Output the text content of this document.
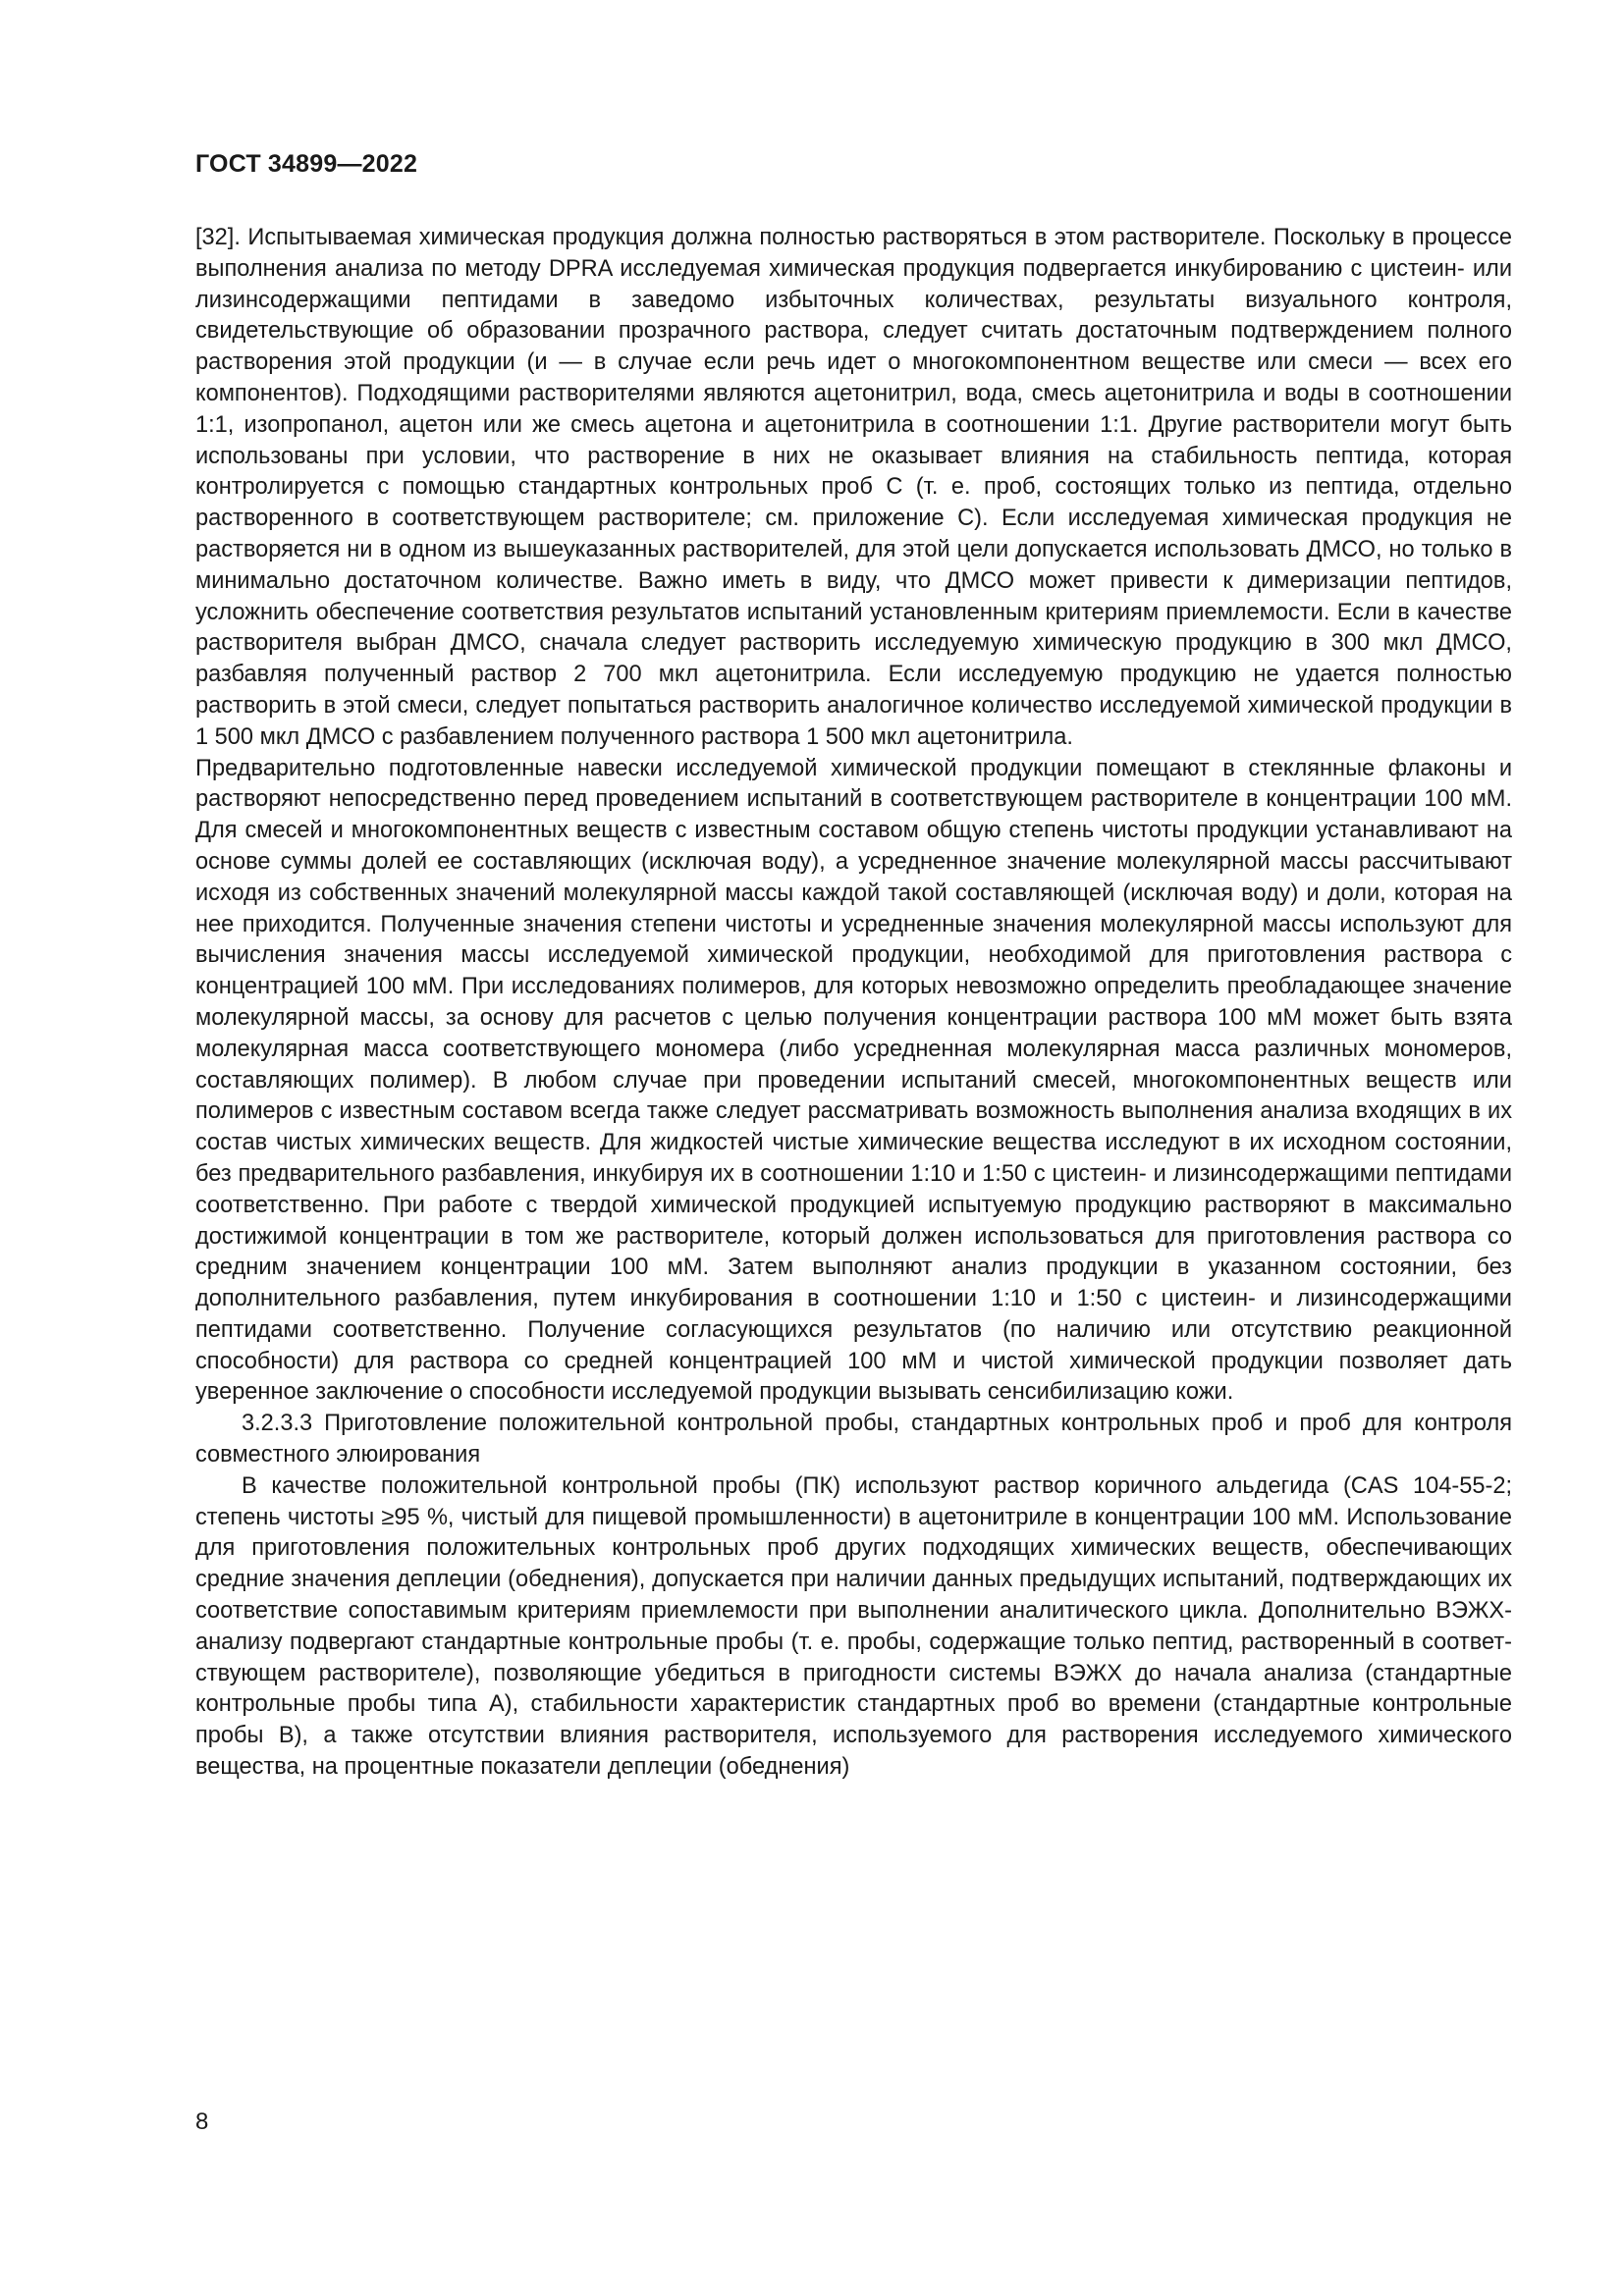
ГОСТ 34899—2022

[32]. Испытываемая химическая продукция должна полностью растворяться в этом растворителе. Поскольку в процессе выполнения анализа по методу DPRA исследуемая химическая продукция подвергается инкубированию с цистеин- или лизинсодержащими пептидами в заведомо избыточных количествах, результаты визуального контроля, свидетельствующие об образовании прозрачного раствора, следует считать достаточным подтверждением полного растворения этой продукции (и — в случае если речь идет о многокомпонентном веществе или смеси — всех его компонентов). Подходящими растворителями являются ацетонитрил, вода, смесь ацетонитрила и воды в соотношении 1:1, изопропанол, ацетон или же смесь ацетона и ацетонитрила в соотношении 1:1. Другие растворители могут быть использованы при условии, что растворение в них не оказывает влияния на стабильность пептида, которая контролируется с помощью стандартных контрольных проб С (т. е. проб, состоящих только из пептида, отдельно растворенного в соответствующем растворителе; см. приложение С). Если исследуемая химическая продукция не растворяется ни в одном из вышеуказанных растворителей, для этой цели допускается использовать ДМСО, но только в минимально достаточном количестве. Важно иметь в виду, что ДМСО может привести к димеризации пептидов, усложнить обеспечение соответствия результатов испытаний установленным критериям приемлемости. Если в качестве растворителя выбран ДМСО, сначала следует растворить исследуемую химическую продукцию в 300 мкл ДМСО, разбавляя полученный раствор 2 700 мкл ацетонитрила. Если исследуемую продукцию не удается полностью растворить в этой смеси, следует попытаться растворить аналогичное количество исследуемой химической продукции в 1 500 мкл ДМСО с разбавлением полученного раствора 1 500 мкл ацетонитрила.

Предварительно подготовленные навески исследуемой химической продукции помещают в стеклянные флаконы и растворяют непосредственно перед проведением испытаний в соответствующем растворителе в концентрации 100 мМ. Для смесей и многокомпонентных веществ с известным составом общую степень чистоты продукции устанавливают на основе суммы долей ее составляющих (исключая воду), а усредненное значение молекулярной массы рассчитывают исходя из собственных значений молекулярной массы каждой такой составляющей (исключая воду) и доли, которая на нее приходится. Полученные значения степени чистоты и усредненные значения молекулярной массы используют для вычисления значения массы исследуемой химической продукции, необходимой для приготовления раствора с концентрацией 100 мМ. При исследованиях полимеров, для которых невозможно определить преобладающее значение молекулярной массы, за основу для расчетов с целью получения концентрации раствора 100 мМ может быть взята молекулярная масса соответствующего мономера (либо усредненная молекулярная масса различных мономеров, составляющих полимер). В любом случае при проведении испытаний смесей, многокомпонентных веществ или полимеров с известным составом всегда также следует рассматривать возможность выполнения анализа входящих в их состав чистых химических веществ. Для жидкостей чистые химические вещества исследуют в их исходном состоянии, без предварительного разбавления, инкубируя их в соотношении 1:10 и 1:50 с цистеин- и лизинсодержащими пептидами соответственно. При работе с твердой химической продукцией испытуемую продукцию растворяют в максимально достижимой концентрации в том же растворителе, который должен использоваться для приготовления раствора со средним значением концентрации 100 мМ. Затем выполняют анализ продукции в указанном состоянии, без дополнительного разбавления, путем инкубирования в соотношении 1:10 и 1:50 с цистеин- и лизинсодержащими пептидами соответственно. Получение согласующихся результатов (по наличию или отсутствию реакционной способности) для раствора со средней концентрацией 100 мМ и чистой химической продукции позволяет дать уверенное заключение о способности исследуемой продукции вызывать сенсибилизацию кожи.

3.2.3.3 Приготовление положительной контрольной пробы, стандартных контрольных проб и проб для контроля совместного элюирования

В качестве положительной контрольной пробы (ПК) используют раствор коричного альдегида (CAS 104-55-2; степень чистоты ≥95 %, чистый для пищевой промышленности) в ацетонитриле в концентрации 100 мМ. Использование для приготовления положительных контрольных проб других подходящих химических веществ, обеспечивающих средние значения деплеции (обеднения), допускается при наличии данных предыдущих испытаний, подтверждающих их соответствие сопоставимым критериям приемлемости при выполнении аналитического цикла. Дополнительно ВЭЖХ-анализу подвергают стандартные контрольные пробы (т. е. пробы, содержащие только пептид, растворенный в соответствующем растворителе), позволяющие убедиться в пригодности системы ВЭЖХ до начала анализа (стандартные контрольные пробы типа А), стабильности характеристик стандартных проб во времени (стандартные контрольные пробы В), а также отсутствии влияния растворителя, используемого для растворения исследуемого химического вещества, на процентные показатели деплеции (обеднения)

8
